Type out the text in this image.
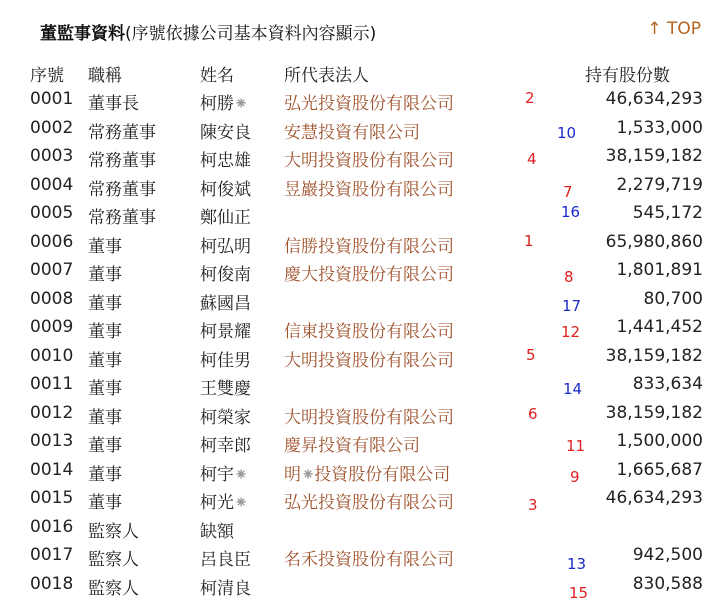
董監事資料(序號依據公司基本資料內容顯示)	↑ TOP
序號 職稱	姓名	所代表法人	持有股份數
0001 董事長	柯勝⁕ 弘光投資股份有限公司	46,634,293
2
0002 常務董事	陳安良 安慧投資有限公司	1,533,000
10
0003 常務董事	柯忠雄 大明投資股份有限公司	38,159,182
4
0004 常務董事	柯俊斌 昱巖投資股份有限公司	2,279,719
7
0005 常務董事	鄭仙正	545,172
16
0006 董事	柯弘明 信勝投資股份有限公司	65,980,860
1
0007 董事	柯俊南 慶大投資股份有限公司	1,801,891
8
0008 董事	蘇國昌	80,700
17
0009 董事	柯景耀 信東投資股份有限公司	1,441,452
12
0010 董事	柯佳男 大明投資股份有限公司	38,159,182
5
0011 董事	王雙慶	833,634
14
0012 董事	柯榮家 大明投資股份有限公司	38,159,182
6
0013 董事	柯幸郎 慶昇投資有限公司	1,500,000
11
0014 董事	柯宇⁕ 明⁕投資股份有限公司	1,665,687
9
0015 董事	柯光⁕ 弘光投資股份有限公司	46,634,293
3
0016 監察人	缺額
0017 監察人	呂良臣 名禾投資股份有限公司	942,500
13
0018 監察人	柯清良	830,588
15
